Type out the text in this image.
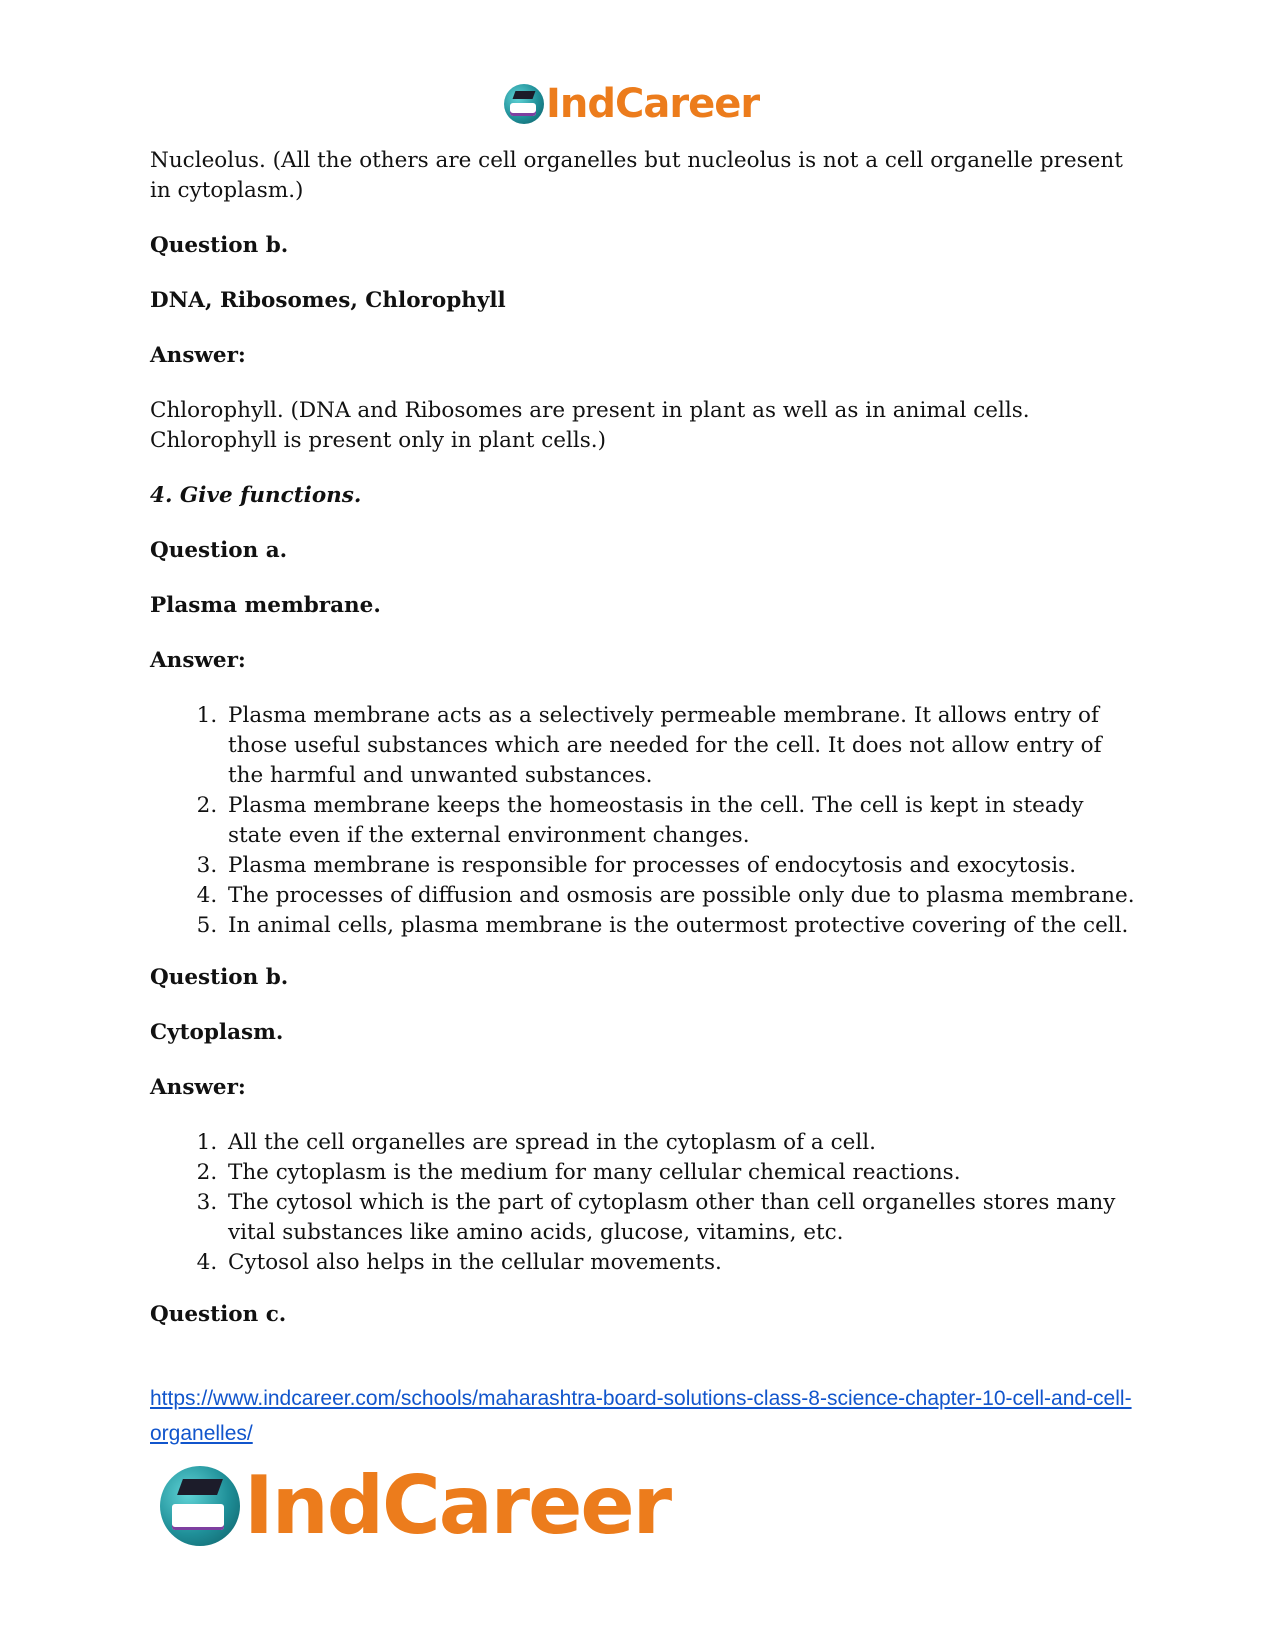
IndCareer

Nucleolus. (All the others are cell organelles but nucleolus is not a cell organelle present in cytoplasm.)

Question b.

DNA, Ribosomes, Chlorophyll

Answer:

Chlorophyll. (DNA and Ribosomes are present in plant as well as in animal cells. Chlorophyll is present only in plant cells.)

4. Give functions.

Question a.

Plasma membrane.

Answer:

1. Plasma membrane acts as a selectively permeable membrane. It allows entry of those useful substances which are needed for the cell. It does not allow entry of the harmful and unwanted substances.
2. Plasma membrane keeps the homeostasis in the cell. The cell is kept in steady state even if the external environment changes.
3. Plasma membrane is responsible for processes of endocytosis and exocytosis.
4. The processes of diffusion and osmosis are possible only due to plasma membrane.
5. In animal cells, plasma membrane is the outermost protective covering of the cell.

Question b.

Cytoplasm.

Answer:

1. All the cell organelles are spread in the cytoplasm of a cell.
2. The cytoplasm is the medium for many cellular chemical reactions.
3. The cytosol which is the part of cytoplasm other than cell organelles stores many vital substances like amino acids, glucose, vitamins, etc.
4. Cytosol also helps in the cellular movements.

Question c.

https://www.indcareer.com/schools/maharashtra-board-solutions-class-8-science-chapter-10-cell-and-cell-organelles/
IndCareer
